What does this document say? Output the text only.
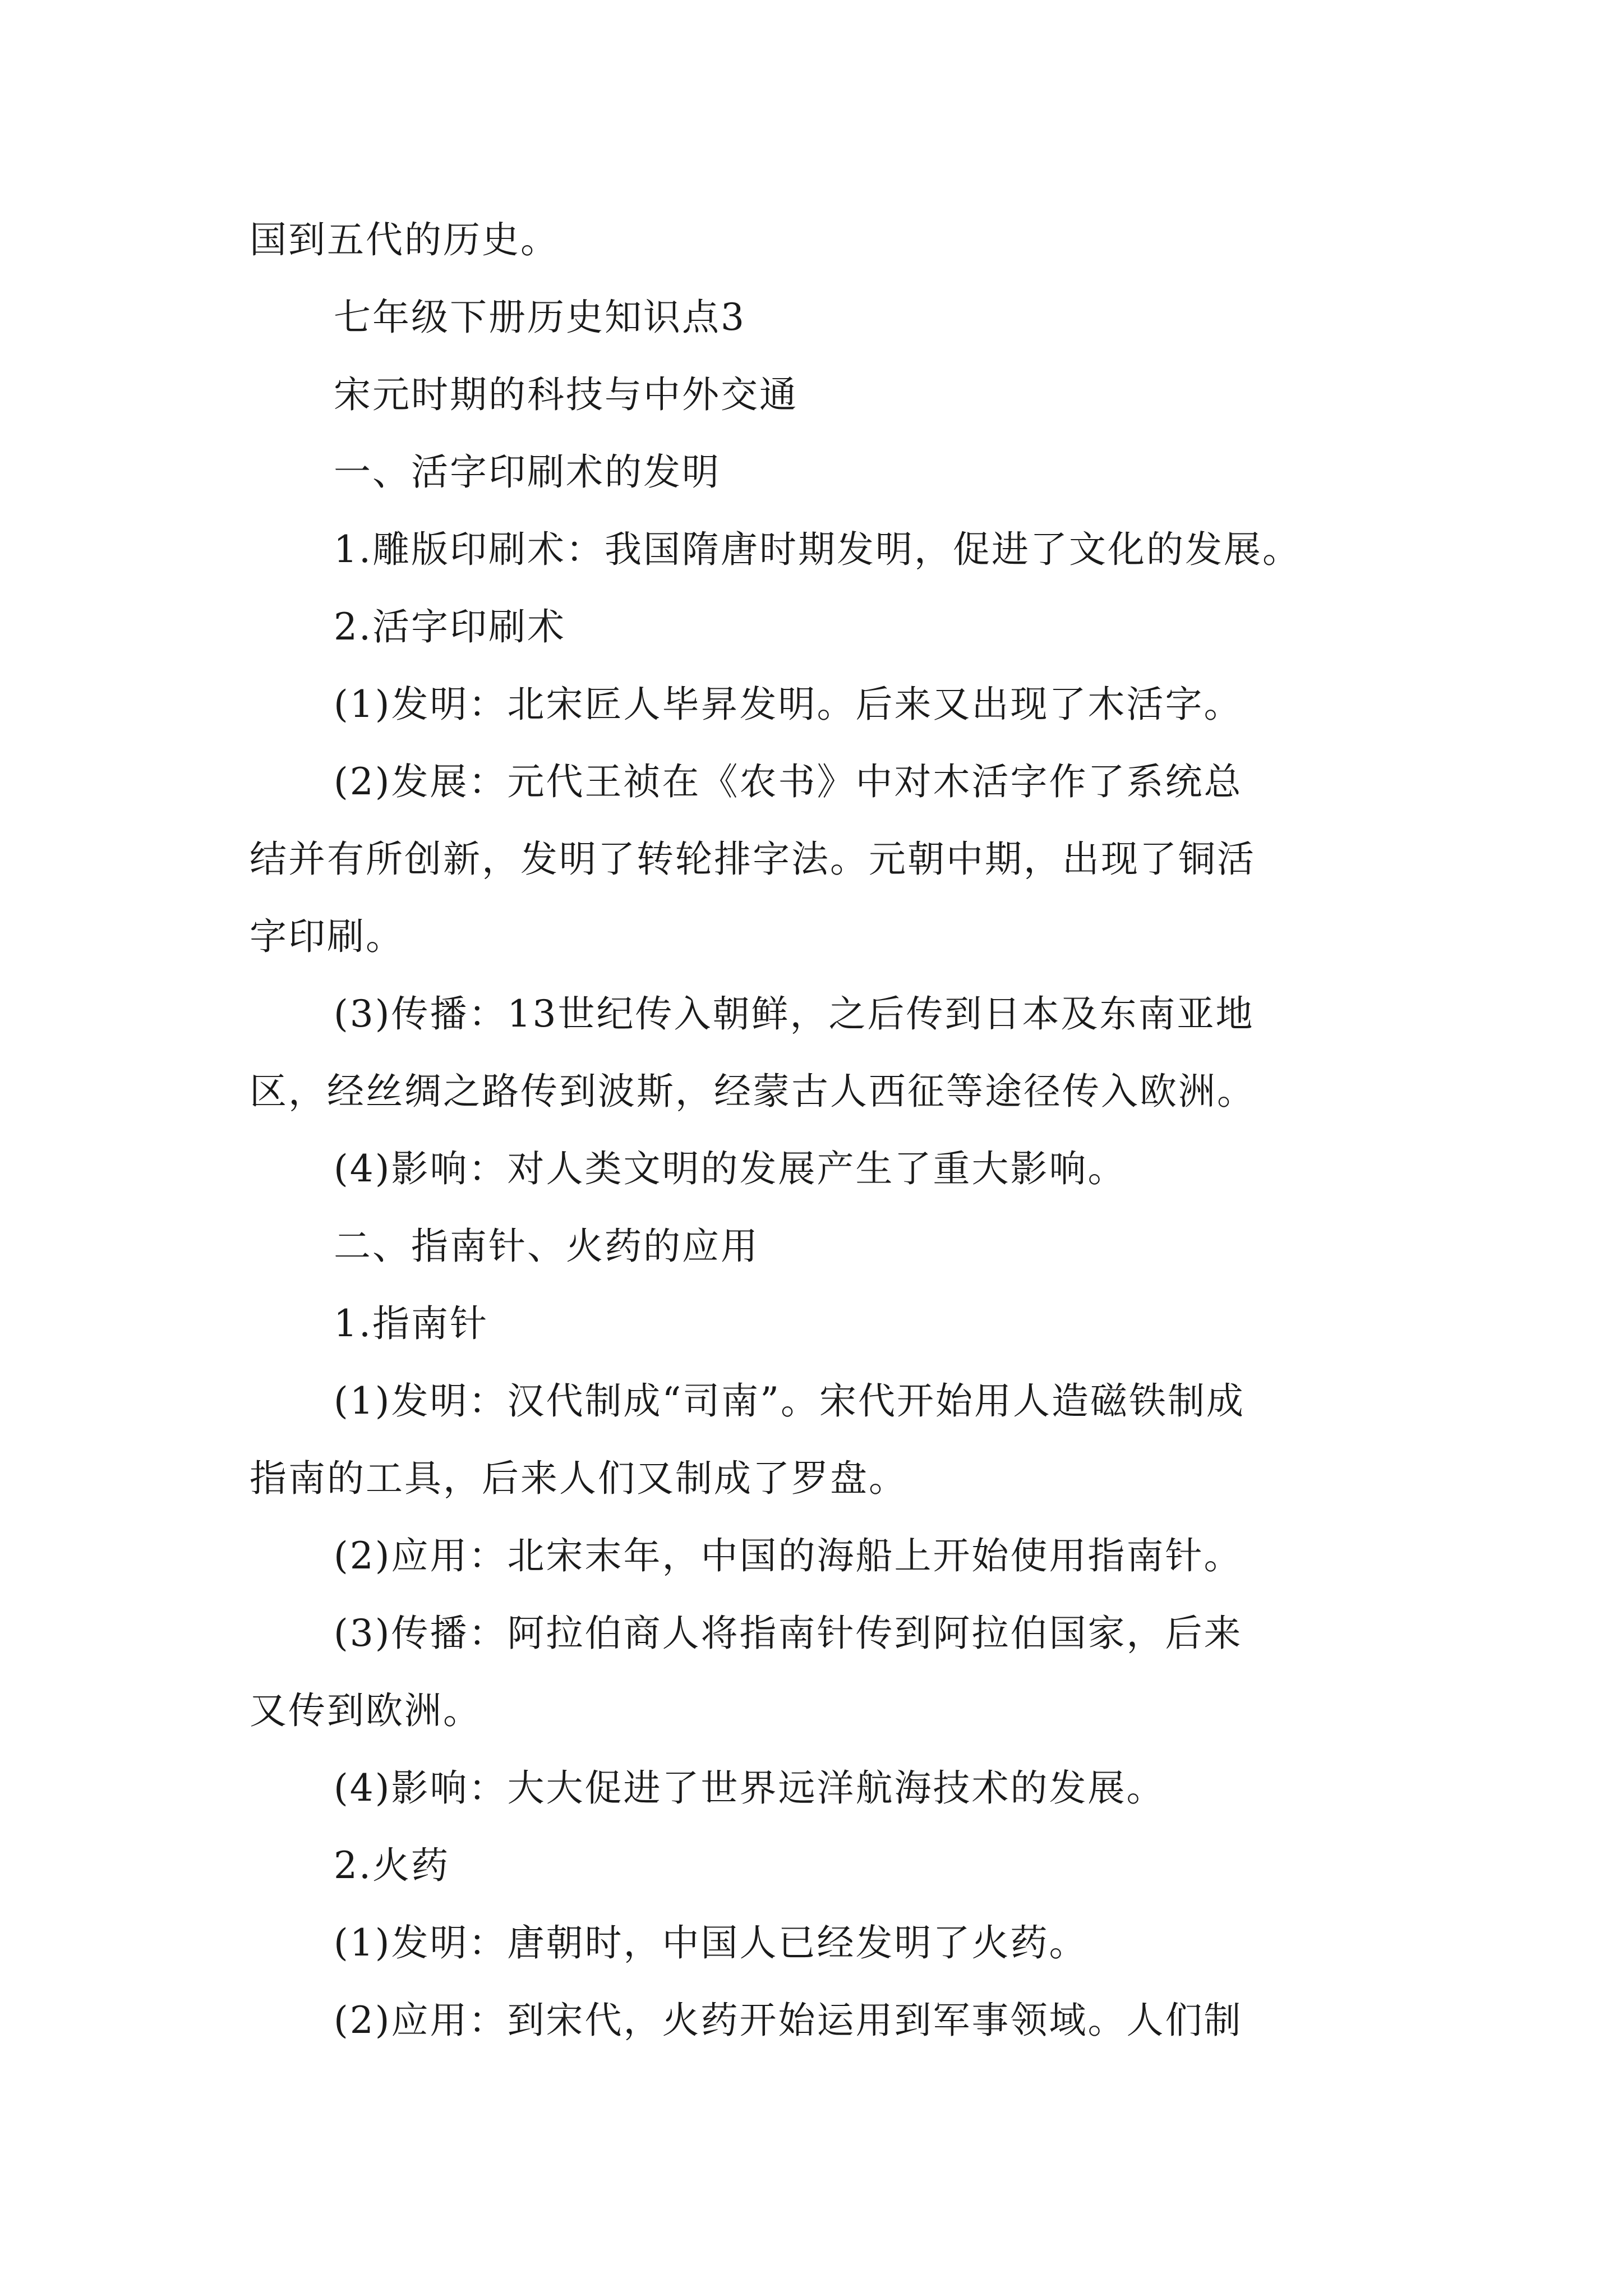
国到五代的历史。
七年级下册历史知识点3
宋元时期的科技与中外交通
一、活字印刷术的发明
1.雕版印刷术：我国隋唐时期发明，促进了文化的发展。
2.活字印刷术
(1)发明：北宋匠人毕昇发明。后来又出现了木活字。
(2)发展：元代王祯在《农书》中对木活字作了系统总
结并有所创新，发明了转轮排字法。元朝中期，出现了铜活
字印刷。
(3)传播：13世纪传入朝鲜，之后传到日本及东南亚地
区，经丝绸之路传到波斯，经蒙古人西征等途径传入欧洲。
(4)影响：对人类文明的发展产生了重大影响。
二、指南针、火药的应用
1.指南针
(1)发明：汉代制成“司南”。宋代开始用人造磁铁制成
指南的工具，后来人们又制成了罗盘。
(2)应用：北宋末年，中国的海船上开始使用指南针。
(3)传播：阿拉伯商人将指南针传到阿拉伯国家，后来
又传到欧洲。
(4)影响：大大促进了世界远洋航海技术的发展。
2.火药
(1)发明：唐朝时，中国人已经发明了火药。
(2)应用：到宋代，火药开始运用到军事领域。人们制
